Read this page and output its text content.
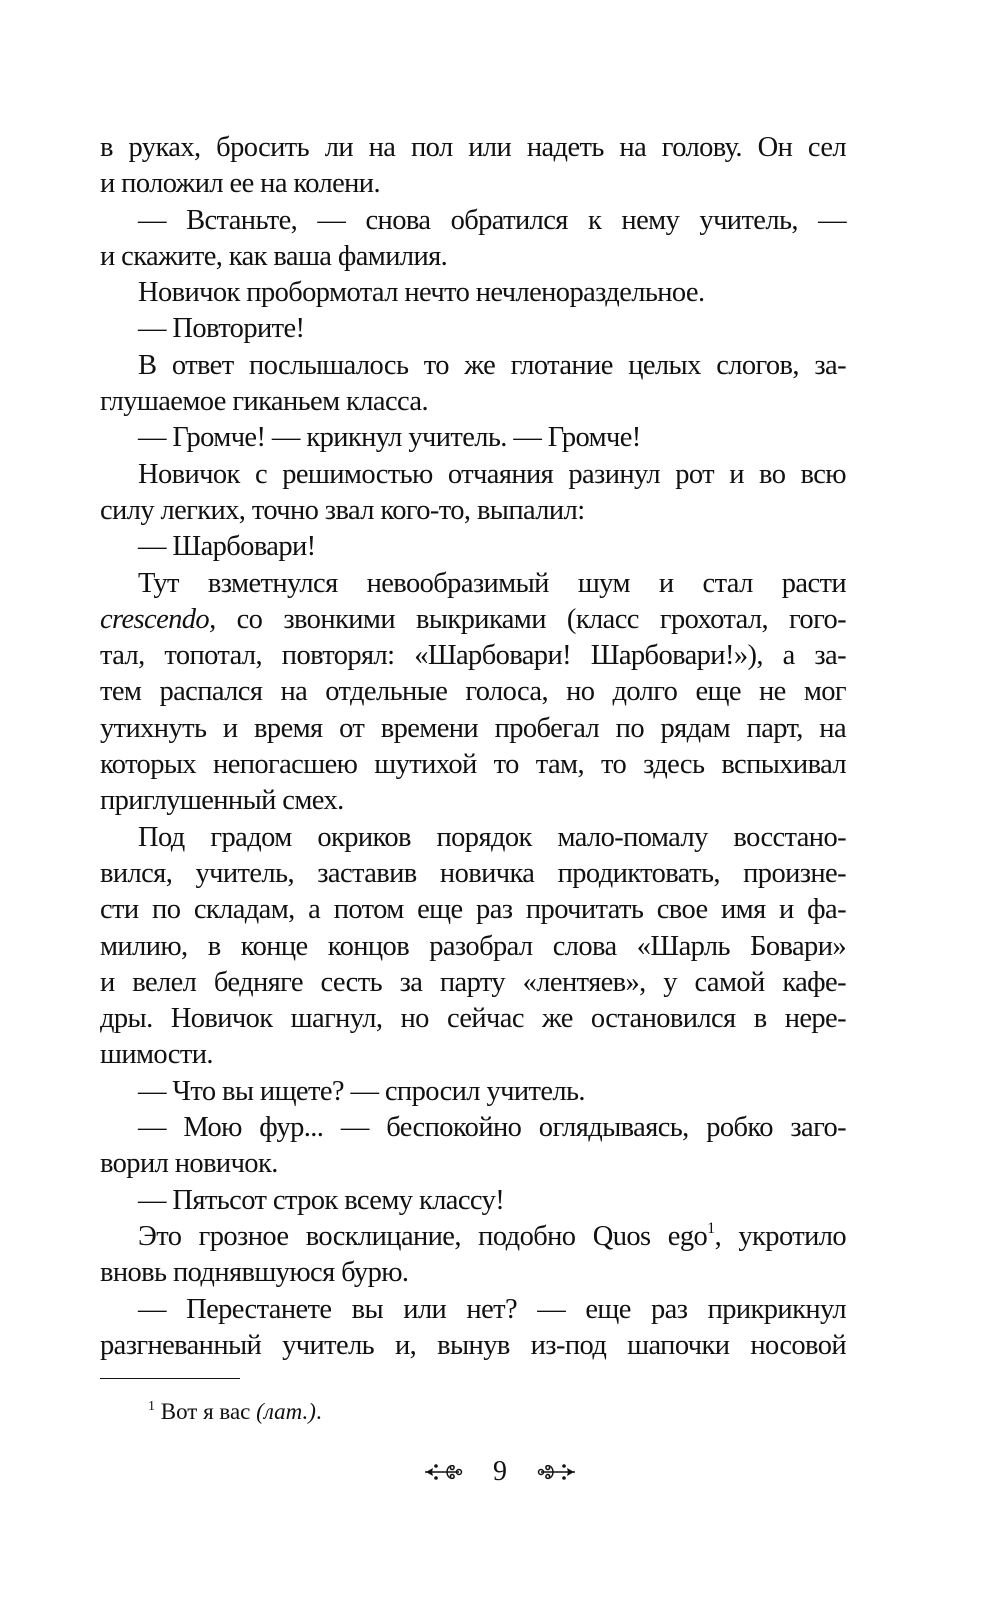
в руках, бросить ли на пол или надеть на голову. Он сел
и положил ее на колени.
— Встаньте, — снова обратился к нему учитель, —
и скажите, как ваша фамилия.
Новичок пробормотал нечто нечленораздельное.
— Повторите!
В ответ послышалось то же глотание целых слогов, за-
глушаемое гиканьем класса.
— Громче! — крикнул учитель. — Громче!
Новичок с решимостью отчаяния разинул рот и во всю
силу легких, точно звал кого-то, выпалил:
— Шарбовари!
Тут взметнулся невообразимый шум и стал расти
crescendo, со звонкими выкриками (класс грохотал, гого-
тал, топотал, повторял: «Шарбовари! Шарбовари!»), а за-
тем распался на отдельные голоса, но долго еще не мог
утихнуть и время от времени пробегал по рядам парт, на
которых непогасшею шутихой то там, то здесь вспыхивал
приглушенный смех.
Под градом окриков порядок мало-помалу восстано-
вился, учитель, заставив новичка продиктовать, произне-
сти по складам, а потом еще раз прочитать свое имя и фа-
милию, в конце концов разобрал слова «Шарль Бовари»
и велел бедняге сесть за парту «лентяев», у самой кафе-
дры. Новичок шагнул, но сейчас же остановился в нере-
шимости.
— Что вы ищете? — спросил учитель.
— Мою фур... — беспокойно оглядываясь, робко заго-
ворил новичок.
— Пятьсот строк всему классу!
Это грозное восклицание, подобно Quos ego$^1$, укротило
вновь поднявшуюся бурю.
— Перестанете вы или нет? — еще раз прикрикнул
разгневанный учитель и, вынув из-под шапочки носовой
$^1$ Вот я вас (лат.).
9
